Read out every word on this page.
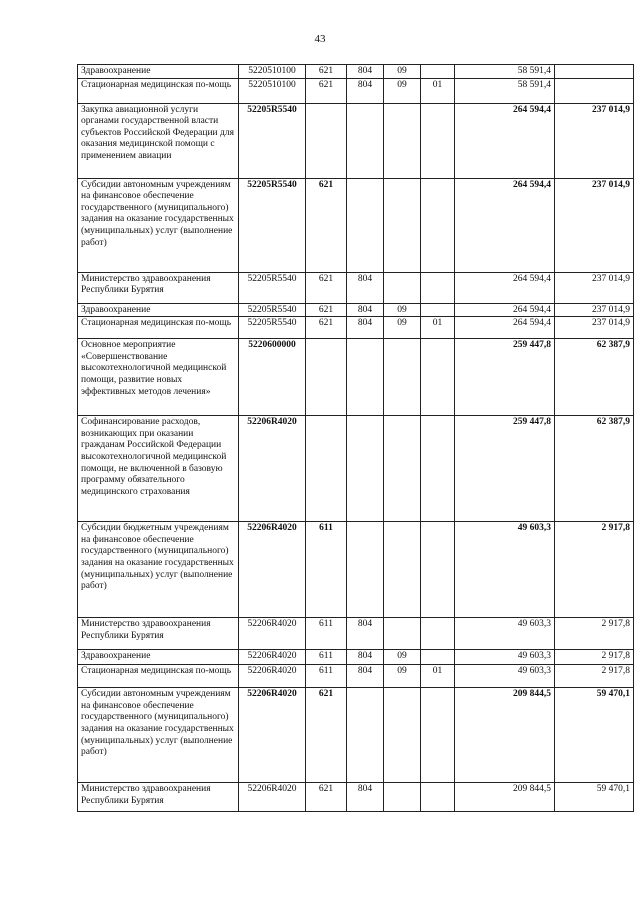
43
Здравоохранение	5220510100	621	804	09		58 591,4	
Стационарная медицинская по-мощь	5220510100	621	804	09	01	58 591,4	
Закупка авиационной услуги органами государственной власти субъектов Российской Федерации для оказания медицинской помощи с применением авиации	52205R5540					264 594,4	237 014,9
Субсидии автономным учреждениям на финансовое обеспечение государственного (муниципального) задания на оказание государственных (муниципальных) услуг (выполнение работ)	52205R5540	621				264 594,4	237 014,9
Министерство здравоохранения Республики Бурятия	52205R5540	621	804			264 594,4	237 014,9
Здравоохранение	52205R5540	621	804	09		264 594,4	237 014,9
Стационарная медицинская по-мощь	52205R5540	621	804	09	01	264 594,4	237 014,9
Основное мероприятие «Совершенствование высокотехнологичной медицинской помощи, развитие новых эффективных методов лечения»	5220600000					259 447,8	62 387,9
Софинансирование расходов, возникающих при оказании гражданам Российской Федерации высокотехнологичной медицинской помощи, не включенной в базовую программу обязательного медицинского страхования	52206R4020					259 447,8	62 387,9
Субсидии бюджетным учреждениям на финансовое обеспечение государственного (муниципального) задания на оказание государственных (муниципальных) услуг (выполнение работ)	52206R4020	611				49 603,3	2 917,8
Министерство здравоохранения Республики Бурятия	52206R4020	611	804			49 603,3	2 917,8
Здравоохранение	52206R4020	611	804	09		49 603,3	2 917,8
Стационарная медицинская по-мощь	52206R4020	611	804	09	01	49 603,3	2 917,8
Субсидии автономным учреждениям на финансовое обеспечение государственного (муниципального) задания на оказание государственных (муниципальных) услуг (выполнение работ)	52206R4020	621				209 844,5	59 470,1
Министерство здравоохранения Республики Бурятия	52206R4020	621	804			209 844,5	59 470,1
